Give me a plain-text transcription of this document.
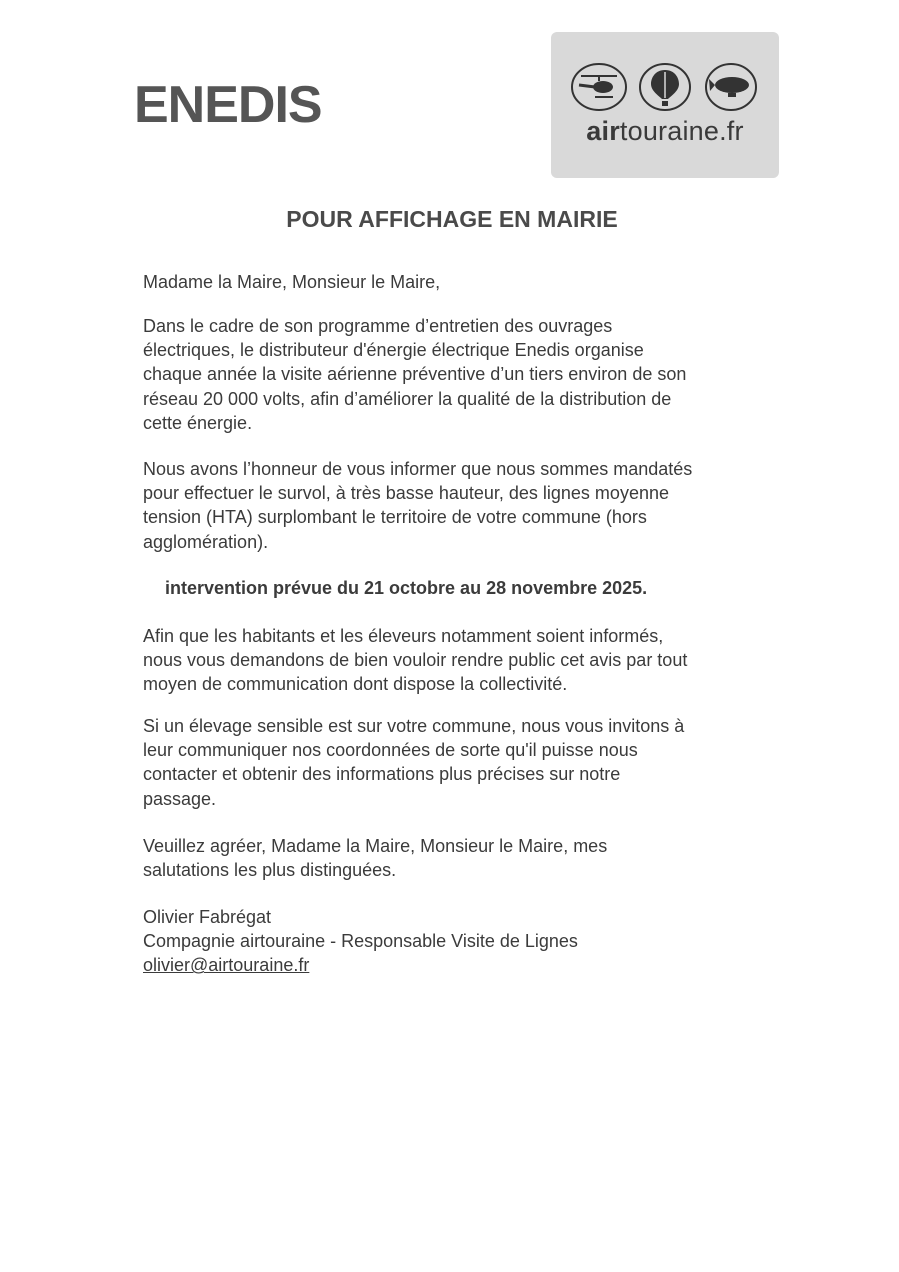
ENEDIS	airtouraine.fr
POUR AFFICHAGE EN MAIRIE

Madame la Maire, Monsieur le Maire,

Dans le cadre de son programme d’entretien des ouvrages
électriques, le distributeur d'énergie électrique Enedis organise
chaque année la visite aérienne préventive d’un tiers environ de son
réseau 20 000 volts, afin d’améliorer la qualité de la distribution de
cette énergie.

Nous avons l’honneur de vous informer que nous sommes mandatés
pour effectuer le survol, à très basse hauteur, des lignes moyenne
tension (HTA) surplombant le territoire de votre commune (hors
agglomération).

intervention prévue du 21 octobre au 28 novembre 2025.

Afin que les habitants et les éleveurs notamment soient informés,
nous vous demandons de bien vouloir rendre public cet avis par tout
moyen de communication dont dispose la collectivité.

Si un élevage sensible est sur votre commune, nous vous invitons à
leur communiquer nos coordonnées de sorte qu'il puisse nous
contacter et obtenir des informations plus précises sur notre
passage.

Veuillez agréer, Madame la Maire, Monsieur le Maire, mes
salutations les plus distinguées.

Olivier Fabrégat
Compagnie airtouraine - Responsable Visite de Lignes
olivier@airtouraine.fr
